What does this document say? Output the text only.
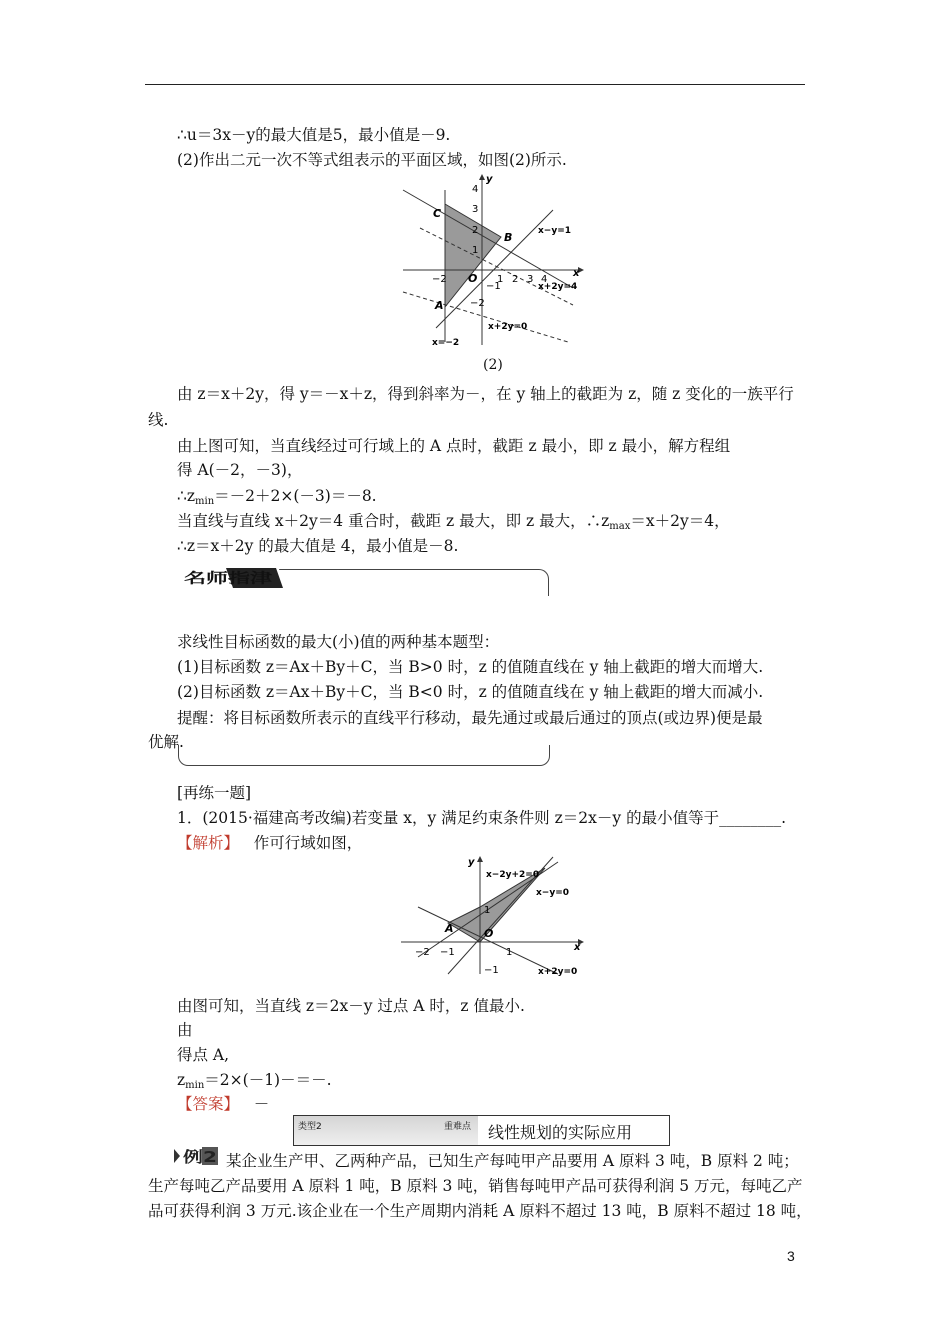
∴u＝3x－y的最大值是5，最小值是－9.
(2)作出二元一次不等式组表示的平面区域，如图(2)所示.
C
B
O
A
x−y=1
x+2y=4
x+2y=0
x=−2
x
y
−2	1 2 3 4
4
3
2
1
−1
−2
(2)
由 z＝x＋2y，得 y＝－x＋z，得到斜率为－，在 y 轴上的截距为 z，随 z 变化的一族平行
线.
由上图可知，当直线经过可行域上的 A 点时，截距 z 最小，即 z 最小，解方程组
得 A(－2，－3)，
$\therefore z_{min}=-2+2\times(-3)=-8$.
当直线与直线 x＋2y＝4 重合时，截距 z 最大，即 z 最大，$\therefore z_{max}=x+2y=4$，
∴z＝x＋2y 的最大值是 4，最小值是－8.
名师指津
求线性目标函数的最大(小)值的两种基本题型：
(1)目标函数 z＝Ax＋By＋C，当 B>0 时，z 的值随直线在 y 轴上截距的增大而增大.
(2)目标函数 z＝Ax＋By＋C，当 B<0 时，z 的值随直线在 y 轴上截距的增大而减小.
提醒：将目标函数所表示的直线平行移动，最先通过或最后通过的顶点(或边界)便是最
优解.
[再练一题]
1．(2015·福建高考改编)若变量 x，y 满足约束条件则 z＝2x－y 的最小值等于________.
【解析】 作可行域如图，
A	O
x
y
x−2y+2=0
x−y=0
x+2y=0
−2 −1	1
1
−1
由图可知，当直线 z＝2x－y 过点 A 时，z 值最小.
由
得点 A,
$z_{min}=2\times(-1)-=-$.
【答案】 －
类型2	重难点 线性规划的实际应用
例2 某企业生产甲、乙两种产品，已知生产每吨甲产品要用 A 原料 3 吨，B 原料 2 吨；
生产每吨乙产品要用 A 原料 1 吨，B 原料 3 吨，销售每吨甲产品可获得利润 5 万元，每吨乙产
品可获得利润 3 万元.该企业在一个生产周期内消耗 A 原料不超过 13 吨，B 原料不超过 18 吨，
3
